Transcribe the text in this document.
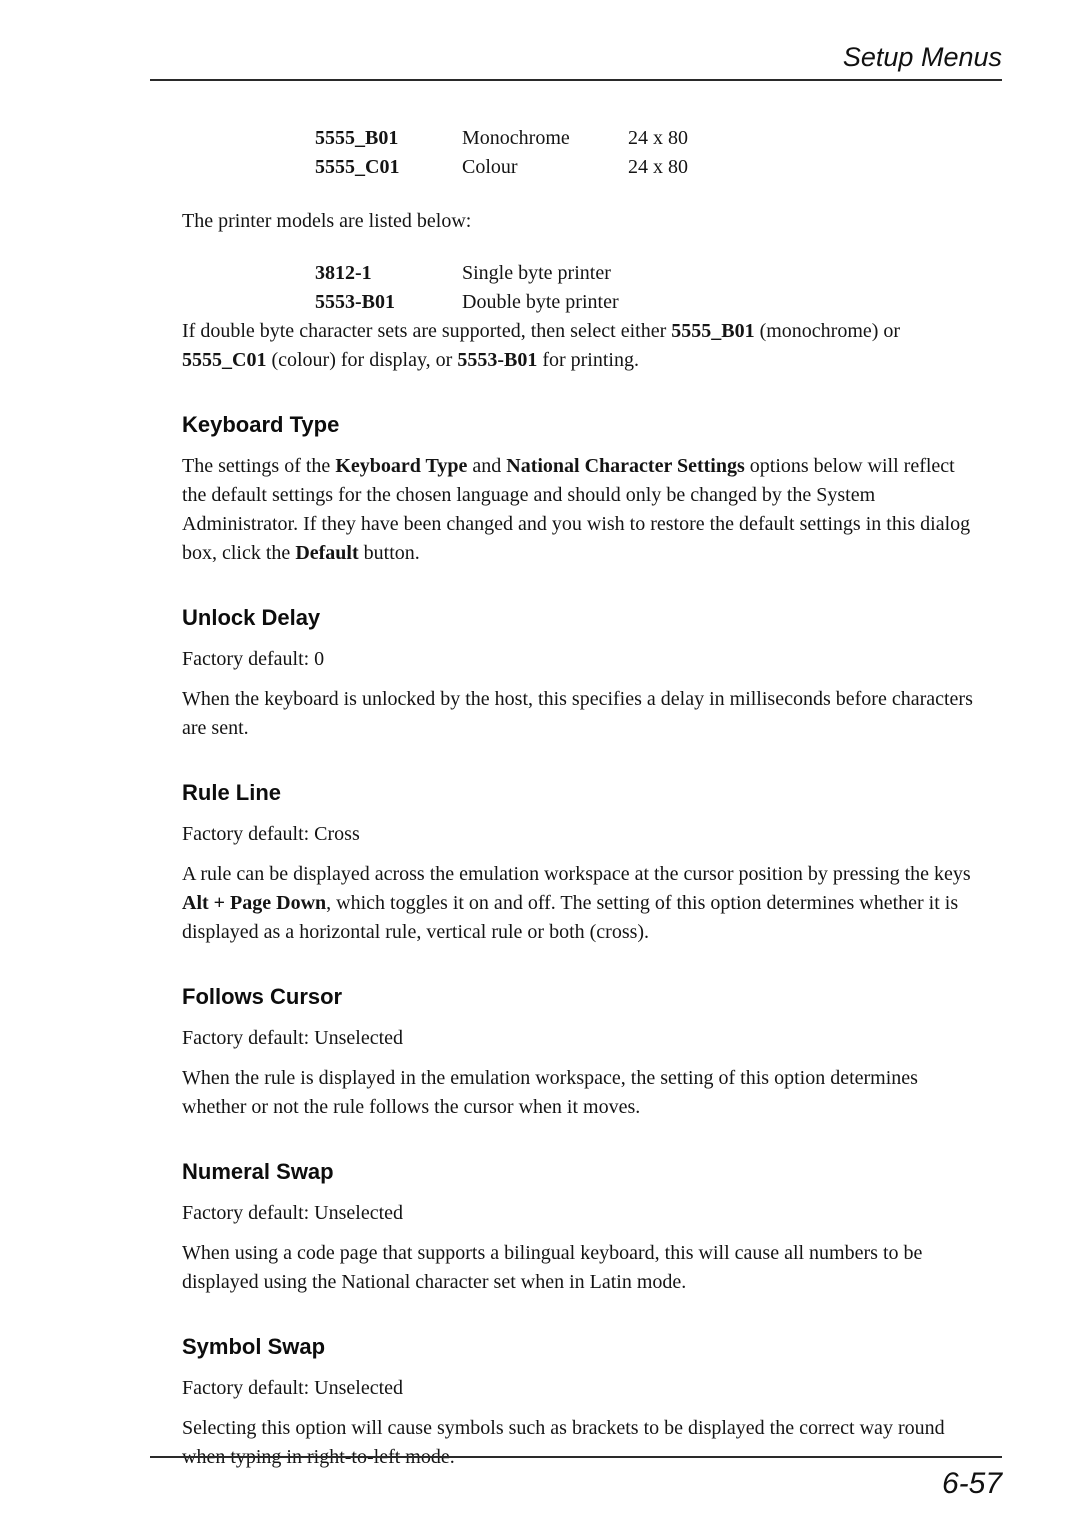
Setup Menus
5555_B01	Monochrome	24 x 80
5555_C01	Colour	24 x 80

The printer models are listed below:

3812-1	Single byte printer
5553-B01	Double byte printer

If double byte character sets are supported, then select either 5555_B01 (monochrome) or 5555_C01 (colour) for display, or 5553-B01 for printing.

Keyboard Type

The settings of the Keyboard Type and National Character Settings options below will reflect the default settings for the chosen language and should only be changed by the System Administrator. If they have been changed and you wish to restore the default settings in this dialog box, click the Default button.

Unlock Delay

Factory default: 0

When the keyboard is unlocked by the host, this specifies a delay in milliseconds before characters are sent.

Rule Line

Factory default: Cross

A rule can be displayed across the emulation workspace at the cursor position by pressing the keys Alt + Page Down, which toggles it on and off. The setting of this option determines whether it is displayed as a horizontal rule, vertical rule or both (cross).

Follows Cursor

Factory default: Unselected

When the rule is displayed in the emulation workspace, the setting of this option determines whether or not the rule follows the cursor when it moves.

Numeral Swap

Factory default: Unselected

When using a code page that supports a bilingual keyboard, this will cause all numbers to be displayed using the National character set when in Latin mode.

Symbol Swap

Factory default: Unselected

Selecting this option will cause symbols such as brackets to be displayed the correct way round when typing in right-to-left mode.

6-57
